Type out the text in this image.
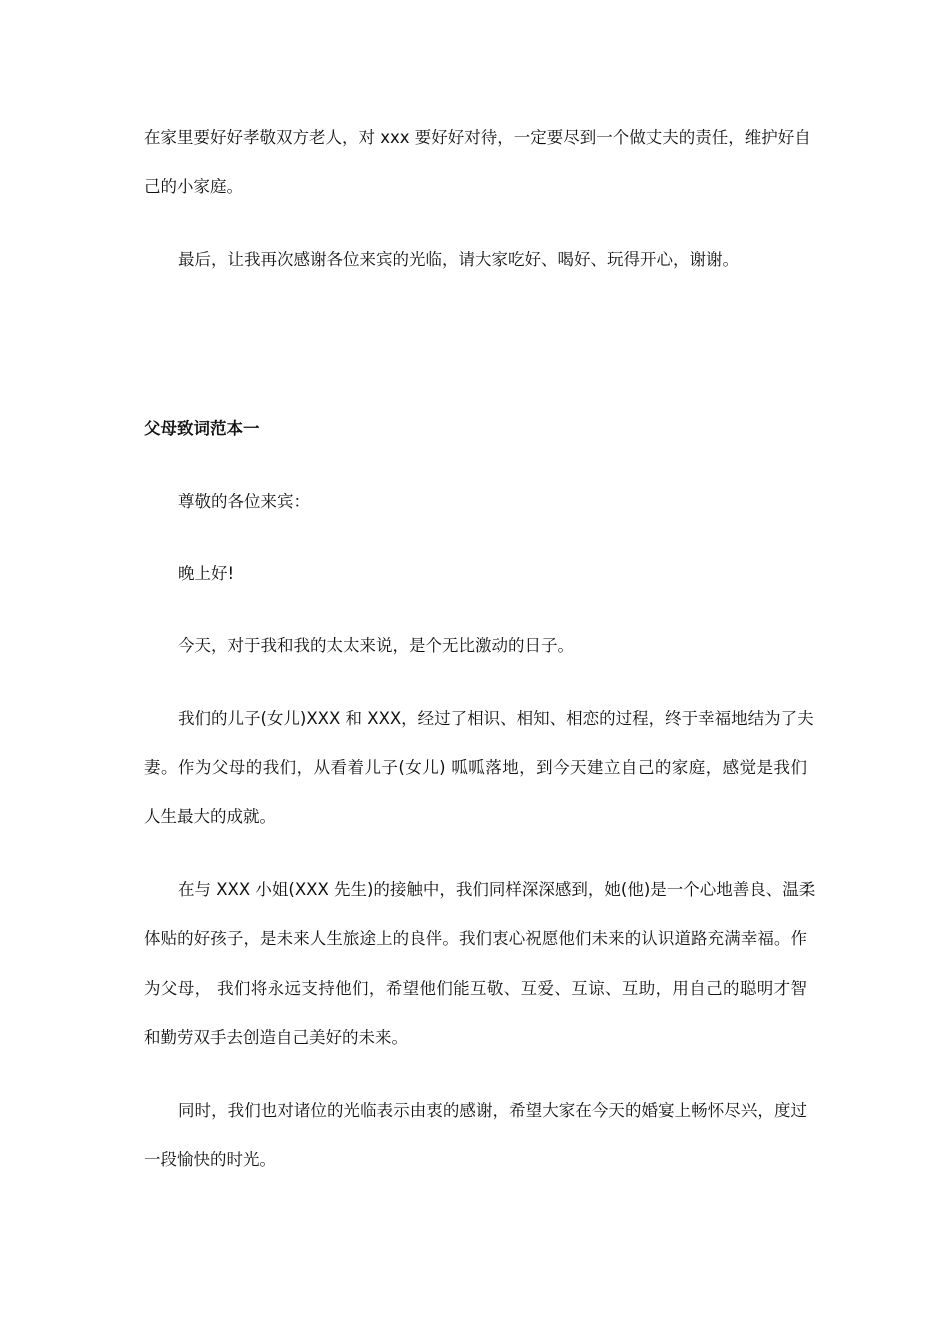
在家里要好好孝敬双方老人，对 xxx 要好好对待，一定要尽到一个做丈夫的责任，维护好自
己的小家庭。
最后，让我再次感谢各位来宾的光临，请大家吃好、喝好、玩得开心，谢谢。
父母致词范本一
尊敬的各位来宾：
晚上好!
今天，对于我和我的太太来说，是个无比激动的日子。
我们的儿子(女儿)XXX 和 XXX，经过了相识、相知、相恋的过程，终于幸福地结为了夫
妻。作为父母的我们，从看着儿子(女儿) 呱呱落地，到今天建立自己的家庭，感觉是我们
人生最大的成就。
在与 XXX 小姐(XXX 先生)的接触中，我们同样深深感到，她(他)是一个心地善良、温柔
体贴的好孩子，是未来人生旅途上的良伴。我们衷心祝愿他们未来的认识道路充满幸福。作
为父母， 我们将永远支持他们，希望他们能互敬、互爱、互谅、互助，用自己的聪明才智
和勤劳双手去创造自己美好的未来。
同时，我们也对诸位的光临表示由衷的感谢，希望大家在今天的婚宴上畅怀尽兴，度过
一段愉快的时光。
